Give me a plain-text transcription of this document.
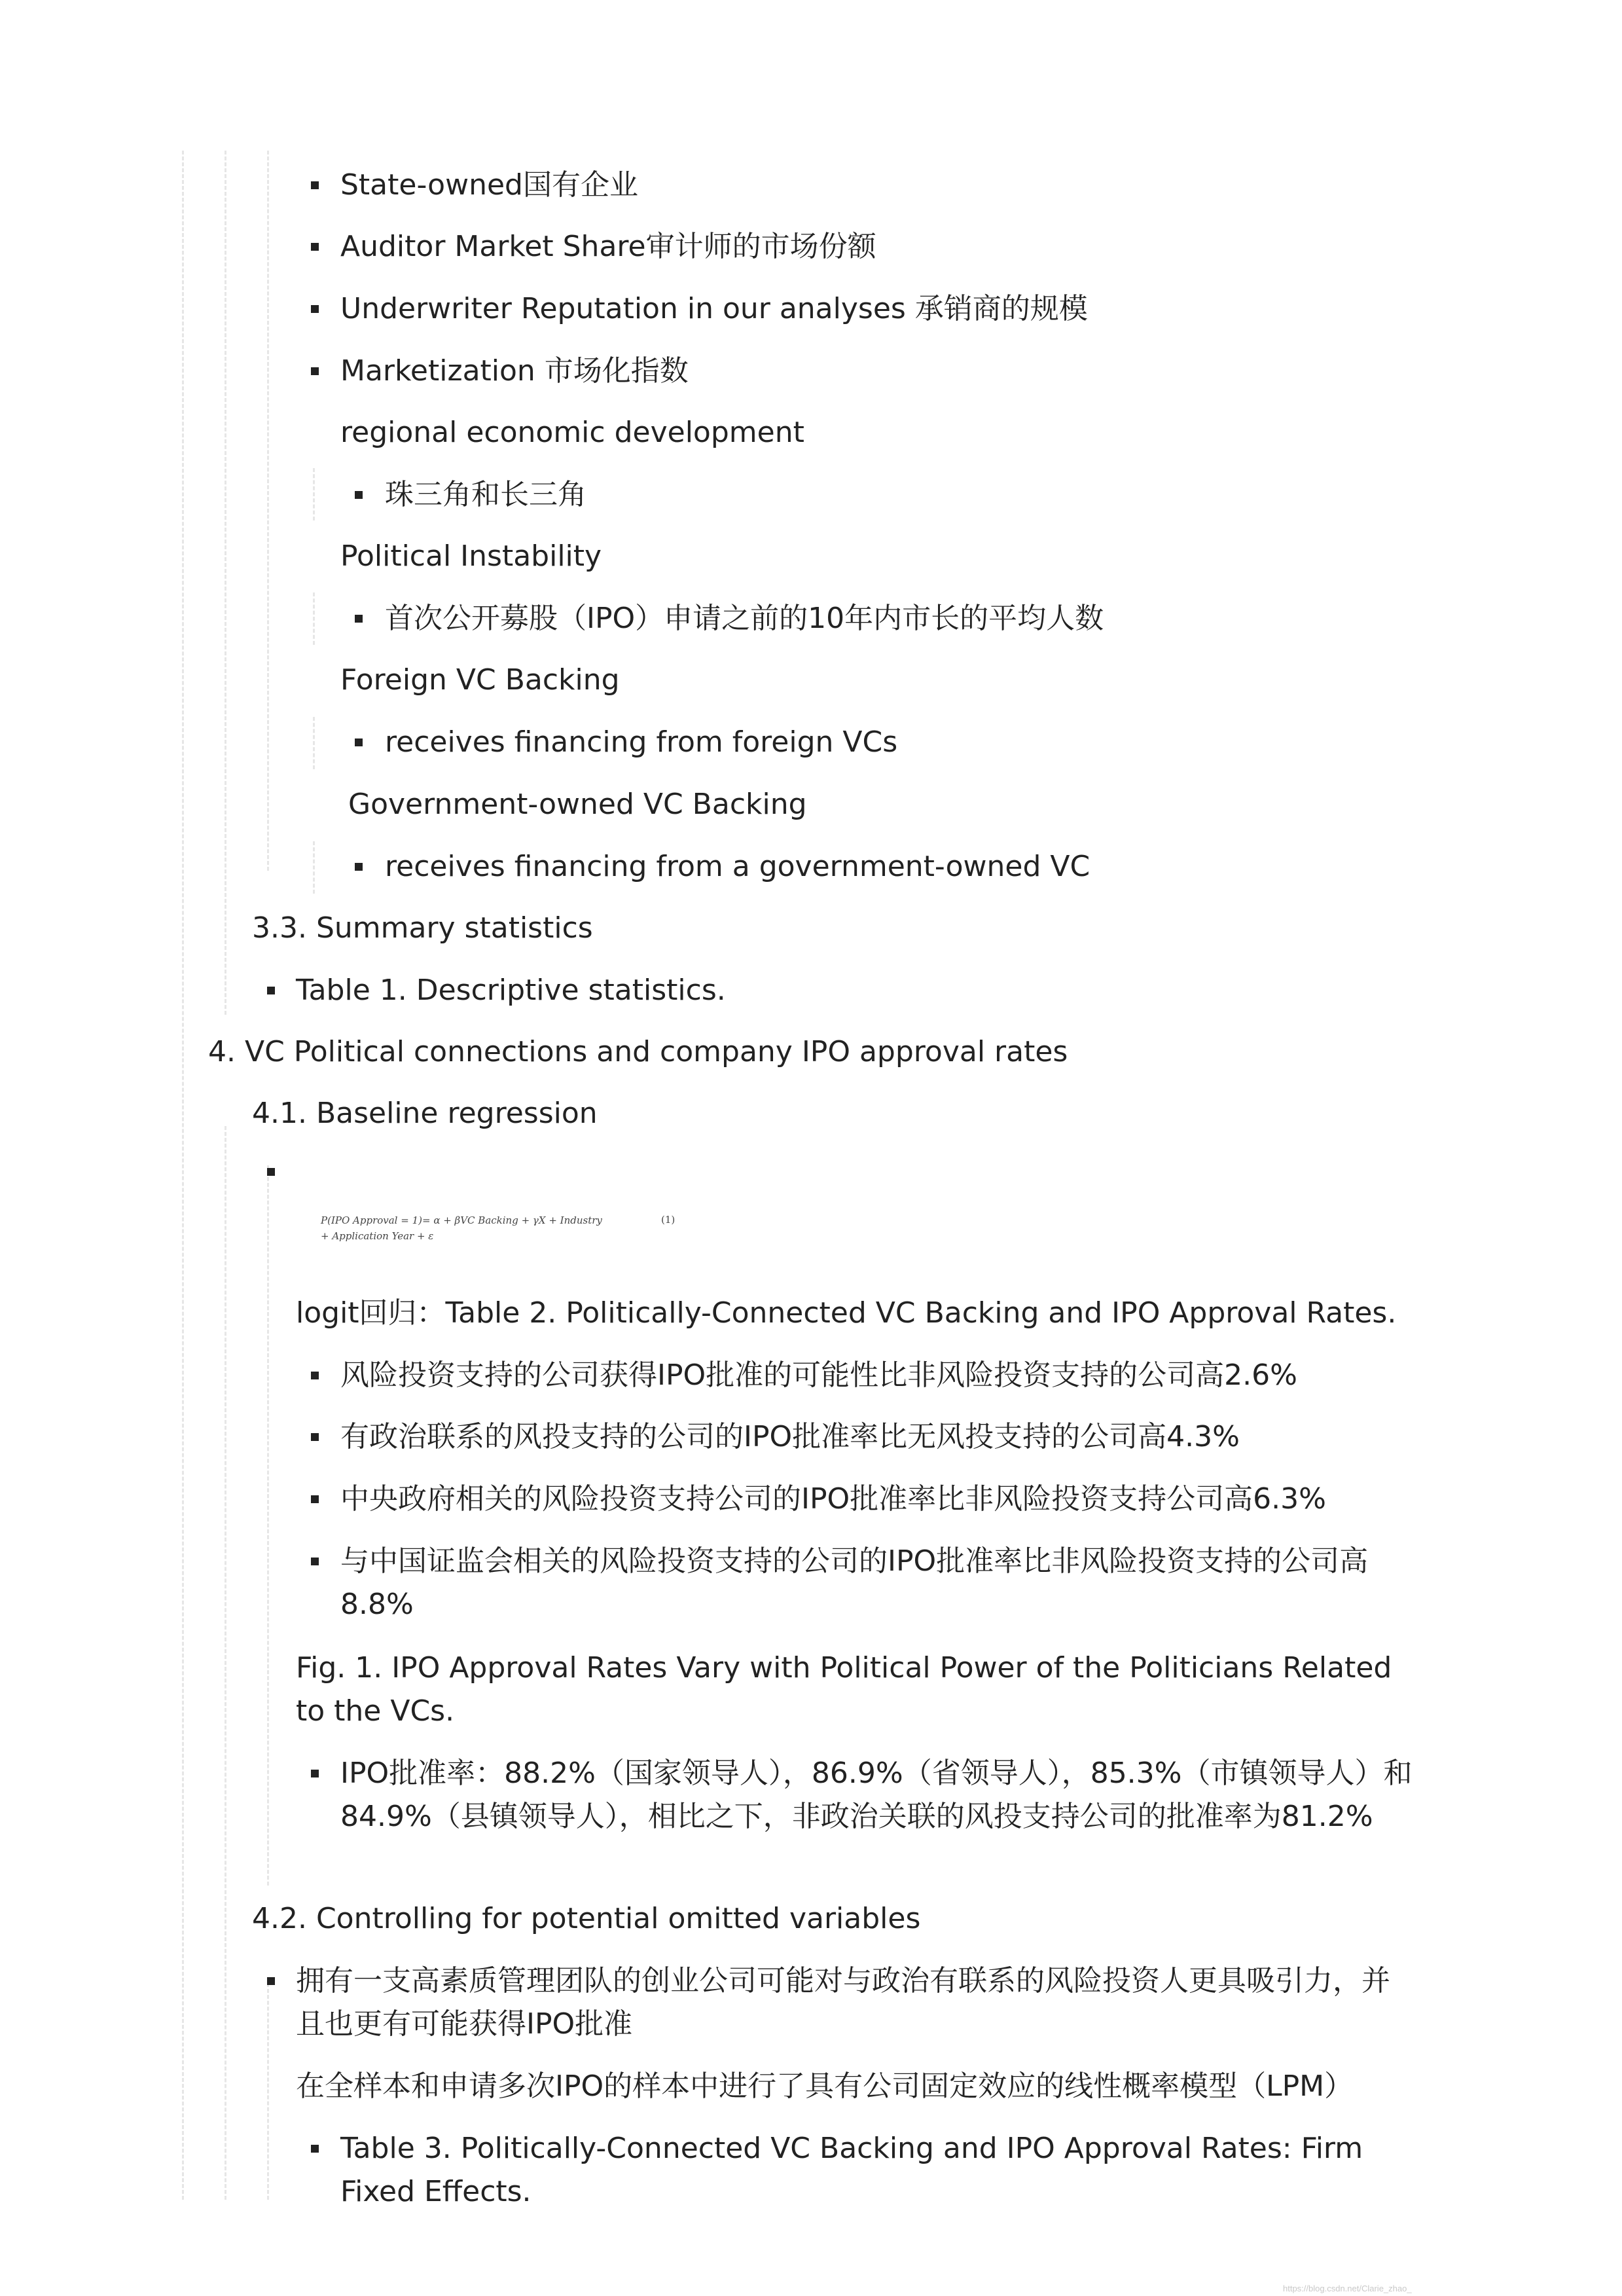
State-owned国有企业
Auditor Market Share审计师的市场份额
Underwriter Reputation in our analyses 承销商的规模
Marketization 市场化指数
regional economic development
珠三角和长三角
Political Instability
首次公开募股（IPO）申请之前的10年内市长的平均人数
Foreign VC Backing
receives financing from foreign VCs
Government-owned VC Backing
receives financing from a government-owned VC
3.3. Summary statistics
Table 1. Descriptive statistics.
4. VC Political connections and company IPO approval rates
4.1. Baseline regression
P(IPO Approval = 1)= α + βVC Backing + γX + Industry
+ Application Year + ε
(1)
logit回归：Table 2. Politically-Connected VC Backing and IPO Approval Rates.
风险投资支持的公司获得IPO批准的可能性比非风险投资支持的公司高2.6%
有政治联系的风投支持的公司的IPO批准率比无风投支持的公司高4.3%
中央政府相关的风险投资支持公司的IPO批准率比非风险投资支持公司高6.3%
与中国证监会相关的风险投资支持的公司的IPO批准率比非风险投资支持的公司高8.8%
Fig. 1. IPO Approval Rates Vary with Political Power of the Politicians Related to the VCs.
IPO批准率：88.2%（国家领导人），86.9%（省领导人），85.3%（市镇领导人）和84.9%（县镇领导人），相比之下，非政治关联的风投支持公司的批准率为81.2%
4.2. Controlling for potential omitted variables
拥有一支高素质管理团队的创业公司可能对与政治有联系的风险投资人更具吸引力，并且也更有可能获得IPO批准
在全样本和申请多次IPO的样本中进行了具有公司固定效应的线性概率模型（LPM）
Table 3. Politically-Connected VC Backing and IPO Approval Rates: Firm Fixed Effects.
https://blog.csdn.net/Clarie_zhao_
